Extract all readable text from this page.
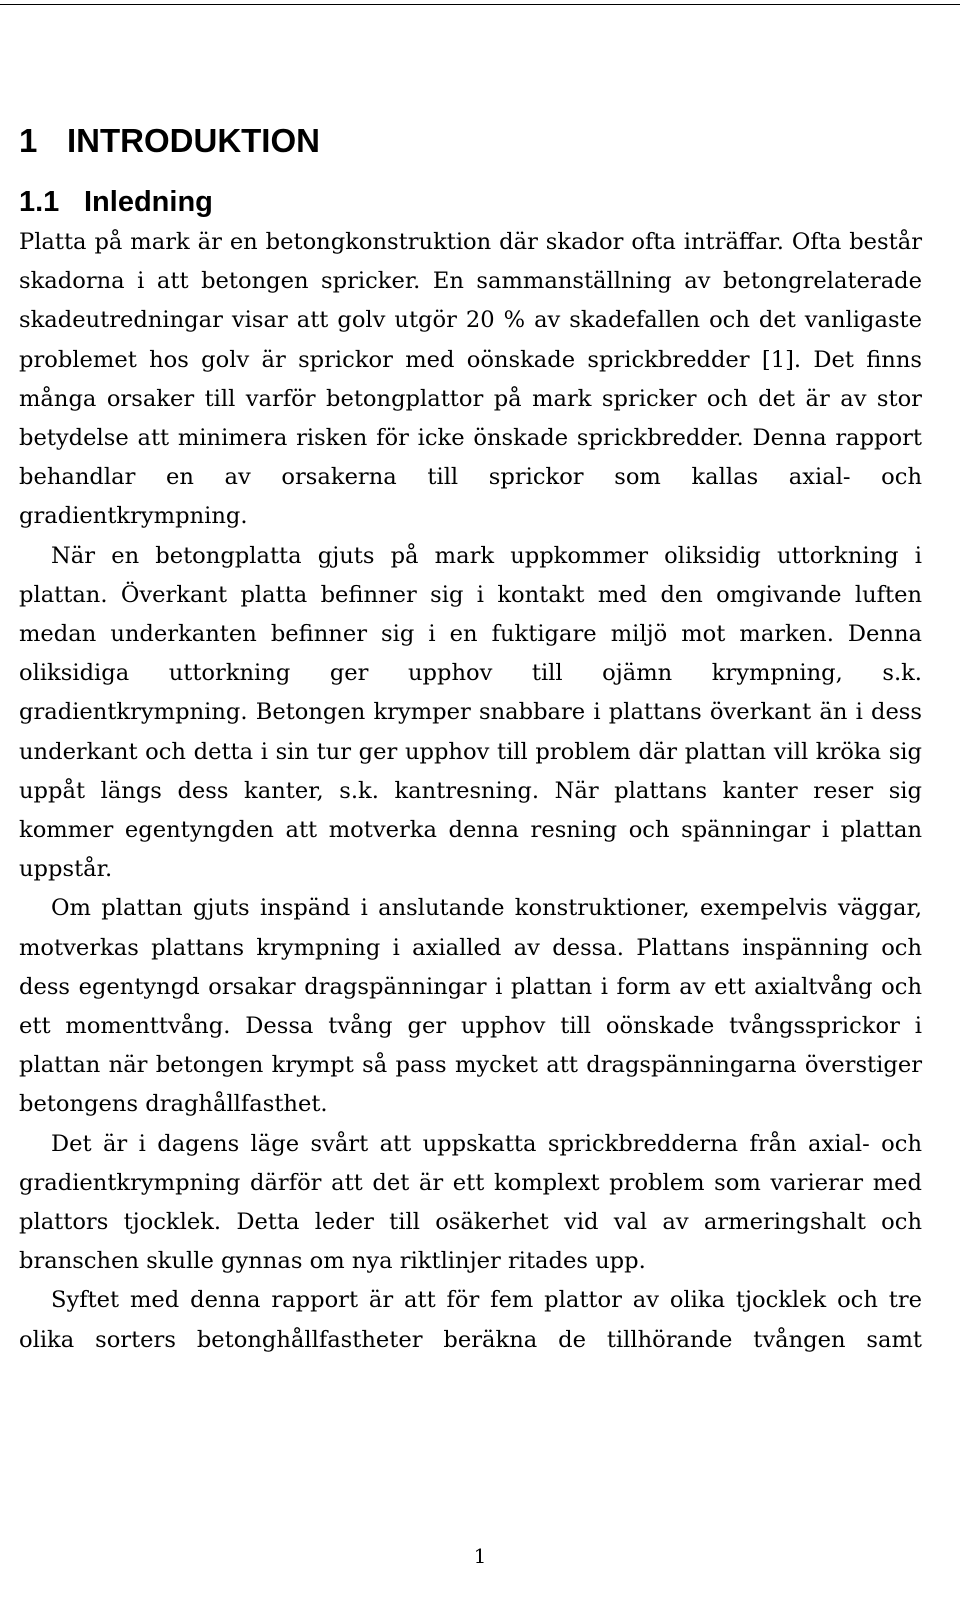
1 INTRODUKTION
1.1 Inledning

Platta på mark är en betongkonstruktion där skador ofta inträffar. Ofta består skadorna i att betongen spricker. En sammanställning av betongrelaterade skadeutredningar visar att golv utgör 20 % av skadefallen och det vanligaste problemet hos golv är sprickor med oönskade sprickbredder [1]. Det finns många orsaker till varför betongplattor på mark spricker och det är av stor betydelse att minimera risken för icke önskade sprickbredder. Denna rapport behandlar en av orsakerna till sprickor som kallas axial- och gradientkrympning.

När en betongplatta gjuts på mark uppkommer oliksidig uttorkning i plattan. Överkant platta befinner sig i kontakt med den omgivande luften medan underkanten befinner sig i en fuktigare miljö mot marken. Denna oliksidiga uttorkning ger upphov till ojämn krympning, s.k. gradientkrympning. Betongen krymper snabbare i plattans överkant än i dess underkant och detta i sin tur ger upphov till problem där plattan vill kröka sig uppåt längs dess kanter, s.k. kantresning. När plattans kanter reser sig kommer egentyngden att motverka denna resning och spänningar i plattan uppstår.

Om plattan gjuts inspänd i anslutande konstruktioner, exempelvis väggar, motverkas plattans krympning i axialled av dessa. Plattans inspänning och dess egentyngd orsakar dragspänningar i plattan i form av ett axialtvång och ett momenttvång. Dessa tvång ger upphov till oönskade tvångssprickor i plattan när betongen krympt så pass mycket att dragspänningarna överstiger betongens draghållfasthet.

Det är i dagens läge svårt att uppskatta sprickbredderna från axial- och gradientkrympning därför att det är ett komplext problem som varierar med plattors tjocklek. Detta leder till osäkerhet vid val av armeringshalt och branschen skulle gynnas om nya riktlinjer ritades upp.

Syftet med denna rapport är att för fem plattor av olika tjocklek och tre olika sorters betonghållfastheter beräkna de tillhörande tvången samt

1
